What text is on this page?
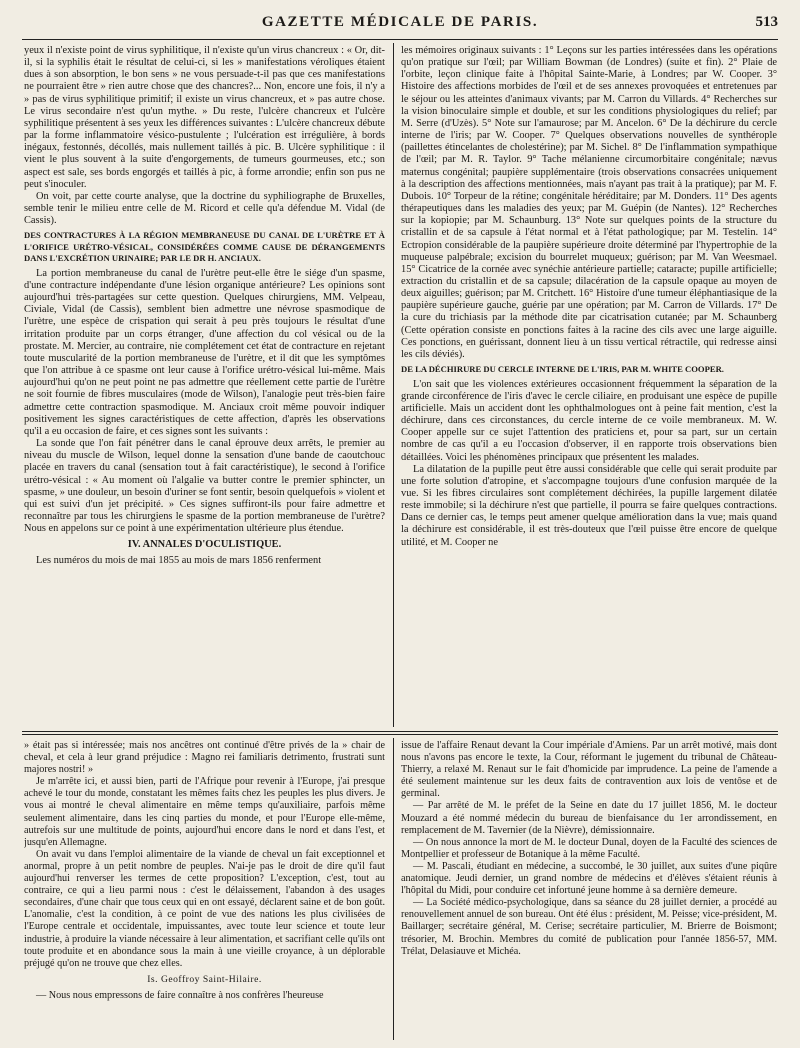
GAZETTE MÉDICALE DE PARIS.	513

yeux il n'existe point de virus syphilitique, il n'existe qu'un virus chancreux : « Or, dit-il, si la syphilis était le résultat de celui-ci, si les » manifestations véroliques étaient dues à son absorption, le bon sens » ne vous persuade-t-il pas que ces manifestations ne pourraient être » rien autre chose que des chancres?... Non, encore une fois, il n'y a » pas de virus syphilitique primitif; il existe un virus chancreux, et » pas autre chose. Le virus secondaire n'est qu'un mythe. » Du reste, l'ulcère chancreux et l'ulcère syphilitique présentent à ses yeux les différences suivantes : L'ulcère chancreux débute par la forme inflammatoire vésico-pustulente ; l'ulcération est irrégulière, à bords inégaux, festonnés, décollés, mais nullement taillés à pic. B. Ulcère syphilitique : il vient le plus souvent à la suite d'engorgements, de tumeurs gourmeuses, etc.; son aspect est sale, ses bords engorgés et taillés à pic, à forme arrondie; enfin son pus ne peut s'inoculer.

On voit, par cette courte analyse, que la doctrine du syphiliographe de Bruxelles, semble tenir le milieu entre celle de M. Ricord et celle qu'a défendue M. Vidal (de Cassis).

DES CONTRACTURES À LA RÉGION MEMBRANEUSE DU CANAL DE L'URÈTRE ET À L'ORIFICE URÉTRO-VÉSICAL, CONSIDÉRÉES COMME CAUSE DE DÉRANGEMENTS DANS L'EXCRÉTION URINAIRE; PAR LE DR H. ANCIAUX.

La portion membraneuse du canal de l'urètre peut-elle être le siége d'un spasme, d'une contracture indépendante d'une lésion organique antérieure? Les opinions sont aujourd'hui très-partagées sur cette question. Quelques chirurgiens, MM. Velpeau, Civiale, Vidal (de Cassis), semblent bien admettre une névrose spasmodique de l'urètre, une espèce de crispation qui serait à peu près toujours le résultat d'une irritation produite par un corps étranger, d'une affection du col vésical ou de la prostate. M. Mercier, au contraire, nie complétement cet état de contracture en rejetant toute muscularité de la portion membraneuse de l'urètre, et il dit que les symptômes que l'on attribue à ce spasme ont leur cause à l'orifice urétro-vésical lui-même. Mais aujourd'hui qu'on ne peut point ne pas admettre que réellement cette partie de l'urètre ne soit fournie de fibres musculaires (mode de Wilson), l'analogie peut très-bien faire admettre cette contraction spasmodique. M. Anciaux croit même pouvoir indiquer positivement les signes caractéristiques de cette affection, d'après les observations qu'il a eu occasion de faire, et ces signes sont les suivants :

La sonde que l'on fait pénétrer dans le canal éprouve deux arrêts, le premier au niveau du muscle de Wilson, lequel donne la sensation d'une bande de caoutchouc placée en travers du canal (sensation tout à fait caractéristique), le second à l'orifice urétro-vésical : « Au moment où l'algalie va butter contre le premier sphincter, un spasme, » une douleur, un besoin d'uriner se font sentir, besoin quelquefois » violent et qui est suivi d'un jet précipité. » Ces signes suffiront-ils pour faire admettre et reconnaître par tous les chirurgiens le spasme de la portion membraneuse de l'urètre? Nous en appelons sur ce point à une expérimentation ultérieure plus étendue.

IV. ANNALES D'OCULISTIQUE.

Les numéros du mois de mai 1855 au mois de mars 1856 renferment

les mémoires originaux suivants : 1° Leçons sur les parties intéressées dans les opérations qu'on pratique sur l'œil; par William Bowman (de Londres) (suite et fin). 2° Plaie de l'orbite, leçon clinique faite à l'hôpital Sainte-Marie, à Londres; par W. Cooper. 3° Histoire des affections morbides de l'œil et de ses annexes provoquées et entretenues par le séjour ou les atteintes d'animaux vivants; par M. Carron du Villards. 4° Recherches sur la vision binoculaire simple et double, et sur les conditions physiologiques du relief; par M. Serre (d'Uzès). 5° Note sur l'amaurose; par M. Ancelon. 6° De la déchirure du cercle interne de l'iris; par W. Cooper. 7° Quelques observations nouvelles de synthérople (paillettes étincelantes de cholestérine); par M. Sichel. 8° De l'inflammation sympathique de l'œil; par M. R. Taylor. 9° Tache mélanienne circumorbitaire congénitale; nævus maternus congénital; paupière supplémentaire (trois observations consacrées uniquement à la description des affections mentionnées, mais n'ayant pas trait à la pratique); par M. F. Dubois. 10° Torpeur de la rétine; congénitale héréditaire; par M. Donders. 11° Des agents thérapeutiques dans les maladies des yeux; par M. Guépin (de Nantes). 12° Recherches sur la kopiopie; par M. Schaunburg. 13° Note sur quelques points de la structure du cristallin et de sa capsule à l'état normal et à l'état pathologique; par M. Testelin. 14° Ectropion considérable de la paupière supérieure droite déterminé par l'hypertrophie de la muqueuse palpébrale; excision du bourrelet muqueux; guérison; par M. Van Weesmael. 15° Cicatrice de la cornée avec synéchie antérieure partielle; cataracte; pupille artificielle; extraction du cristallin et de sa capsule; dilacération de la capsule opaque au moyen de deux aiguilles; guérison; par M. Critchett. 16° Histoire d'une tumeur éléphantiasique de la paupière supérieure gauche, guérie par une opération; par M. Carron de Villards. 17° De la cure du trichiasis par la méthode dite par cicatrisation cutanée; par M. Schaunberg (Cette opération consiste en ponctions faites à la racine des cils avec une large aiguille. Ces ponctions, en guérissant, donnent lieu à un tissu vertical rétractile, qui redresse ainsi les cils déviés).

DE LA DÉCHIRURE DU CERCLE INTERNE DE L'IRIS, PAR M. WHITE COOPER.

L'on sait que les violences extérieures occasionnent fréquemment la séparation de la grande circonférence de l'iris d'avec le cercle ciliaire, en produisant une espèce de pupille artificielle. Mais un accident dont les ophthalmologues ont à peine fait mention, c'est la déchirure, dans ces circonstances, du cercle interne de ce voile membraneux. M. W. Cooper appelle sur ce sujet l'attention des praticiens et, pour sa part, sur un certain nombre de cas qu'il a eu l'occasion d'observer, il en rapporte trois observations bien détaillées. Voici les phénomènes principaux que présentent les malades.

La dilatation de la pupille peut être aussi considérable que celle qui serait produite par une forte solution d'atropine, et s'accompagne toujours d'une confusion marquée de la vue. Si les fibres circulaires sont complétement déchirées, la pupille largement dilatée reste immobile; si la déchirure n'est que partielle, il pourra se faire quelques contractions. Dans ce dernier cas, le temps peut amener quelque amélioration dans la vue; mais quand la déchirure est considérable, il est très-douteux que l'œil puisse être encore de quelque utilité, et M. Cooper ne

» était pas si intéressée; mais nos ancêtres ont continué d'être privés de la » chair de cheval, et cela à leur grand préjudice : Magno rei familiaris detrimento, frustrati sunt majores nostri! »

Je m'arrête ici, et aussi bien, parti de l'Afrique pour revenir à l'Europe, j'ai presque achevé le tour du monde, constatant les mêmes faits chez les peuples les plus divers. Je vous ai montré le cheval alimentaire en même temps qu'auxiliaire, parfois même seulement alimentaire, dans les cinq parties du monde, et pour l'Europe elle-même, autrefois sur une multitude de points, aujourd'hui encore dans le nord et dans l'est, et jusqu'en Allemagne.

On avait vu dans l'emploi alimentaire de la viande de cheval un fait exceptionnel et anormal, propre à un petit nombre de peuples. N'ai-je pas le droit de dire qu'il faut aujourd'hui renverser les termes de cette proposition? L'exception, c'est, tout au contraire, ce qui a lieu parmi nous : c'est le délaissement, l'abandon à des usages secondaires, d'une chair que tous ceux qui en ont essayé, déclarent saine et de bon goût. L'anomalie, c'est la condition, à ce point de vue des nations les plus civilisées de l'Europe centrale et occidentale, impuissantes, avec toute leur science et toute leur industrie, à produire la viande nécessaire à leur alimentation, et sacrifiant celle qu'ils ont toute produite et en abondance sous la main à une vieille croyance, à un déplorable préjugé qu'on ne trouve que chez elles.

Is. Geoffroy Saint-Hilaire.

— Nous nous empressons de faire connaître à nos confrères l'heureuse

issue de l'affaire Renaut devant la Cour impériale d'Amiens. Par un arrêt motivé, mais dont nous n'avons pas encore le texte, la Cour, réformant le jugement du tribunal de Château-Thierry, a relaxé M. Renaut sur le fait d'homicide par imprudence. La peine de l'amende a été seulement maintenue sur les deux faits de contravention aux lois de ventôse et de germinal.

— Par arrêté de M. le préfet de la Seine en date du 17 juillet 1856, M. le docteur Mouzard a été nommé médecin du bureau de bienfaisance du 1er arrondissement, en remplacement de M. Tavernier (de la Nièvre), démissionnaire.

— On nous annonce la mort de M. le docteur Dunal, doyen de la Faculté des sciences de Montpellier et professeur de Botanique à la même Faculté.

— M. Pascali, étudiant en médecine, a succombé, le 30 juillet, aux suites d'une piqûre anatomique. Jeudi dernier, un grand nombre de médecins et d'élèves s'étaient réunis à l'hôpital du Midi, pour conduire cet infortuné jeune homme à sa dernière demeure.

— La Société médico-psychologique, dans sa séance du 28 juillet dernier, a procédé au renouvellement annuel de son bureau. Ont été élus : président, M. Peisse; vice-président, M. Baillarger; secrétaire général, M. Cerise; secrétaire particulier, M. Brierre de Boismont; trésorier, M. Brochin. Membres du comité de publication pour l'année 1856-57, MM. Trélat, Delasiauve et Michéa.
